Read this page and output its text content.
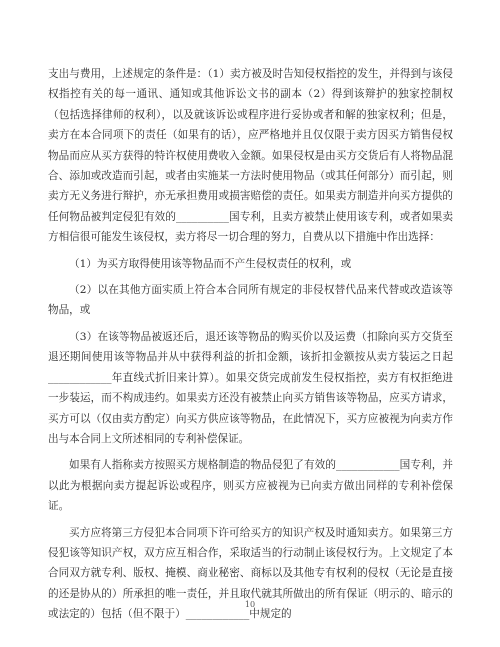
支出与费用，上述规定的条件是：（1）卖方被及时告知侵权指控的发生，并得到与该侵权指控有关的每一通讯、通知或其他诉讼文书的副本（2）得到该辩护的独家控制权（包括选择律师的权利），以及就该诉讼或程序进行妥协或者和解的独家权利；但是，卖方在本合同项下的责任（如果有的话），应严格地并且仅仅限于卖方因买方销售侵权物品而应从买方获得的特许权使用费收入金额。如果侵权是由买方交货后有人将物品混合、添加或改造而引起，或者由实施某一方法时使用物品（或其任何部分）而引起，则卖方无义务进行辩护，亦无承担费用或损害赔偿的责任。如果卖方制造并向买方提供的任何物品被判定侵犯有效的__________国专利，且卖方被禁止使用该专利，或者如果卖方相信很可能发生该侵权，卖方将尽一切合理的努力，自费从以下措施中作出选择：

（1）为买方取得使用该等物品而不产生侵权责任的权利，或

（2）以在其他方面实质上符合本合同所有规定的非侵权替代品来代替或改造该等物品，或

（3）在该等物品被返还后，退还该等物品的购买价以及运费（扣除向买方交货至退还期间使用该等物品并从中获得利益的折扣金额，该折扣金额按从卖方装运之日起____________年直线式折旧来计算）。如果交货完成前发生侵权指控，卖方有权拒绝进一步装运，而不构成违约。如果卖方还没有被禁止向买方销售该等物品，应买方请求，买方可以（仅由卖方酌定）向买方供应该等物品，在此情况下，买方应被视为向卖方作出与本合同上文所述相同的专利补偿保证。

如果有人指称卖方按照买方规格制造的物品侵犯了有效的____________国专利，并以此为根据向卖方提起诉讼或程序，则买方应被视为已向卖方做出同样的专利补偿保证。

买方应将第三方侵犯本合同项下许可给买方的知识产权及时通知卖方。如果第三方侵犯该等知识产权，双方应互相合作，采取适当的行动制止该侵权行为。上文规定了本合同双方就专利、版权、掩模、商业秘密、商标以及其他专有权利的侵权（无论是直接的还是协从的）所承担的唯一责任，并且取代就其所做出的所有保证（明示的、暗示的或法定的）包括（但不限于）____________中规定的

10
